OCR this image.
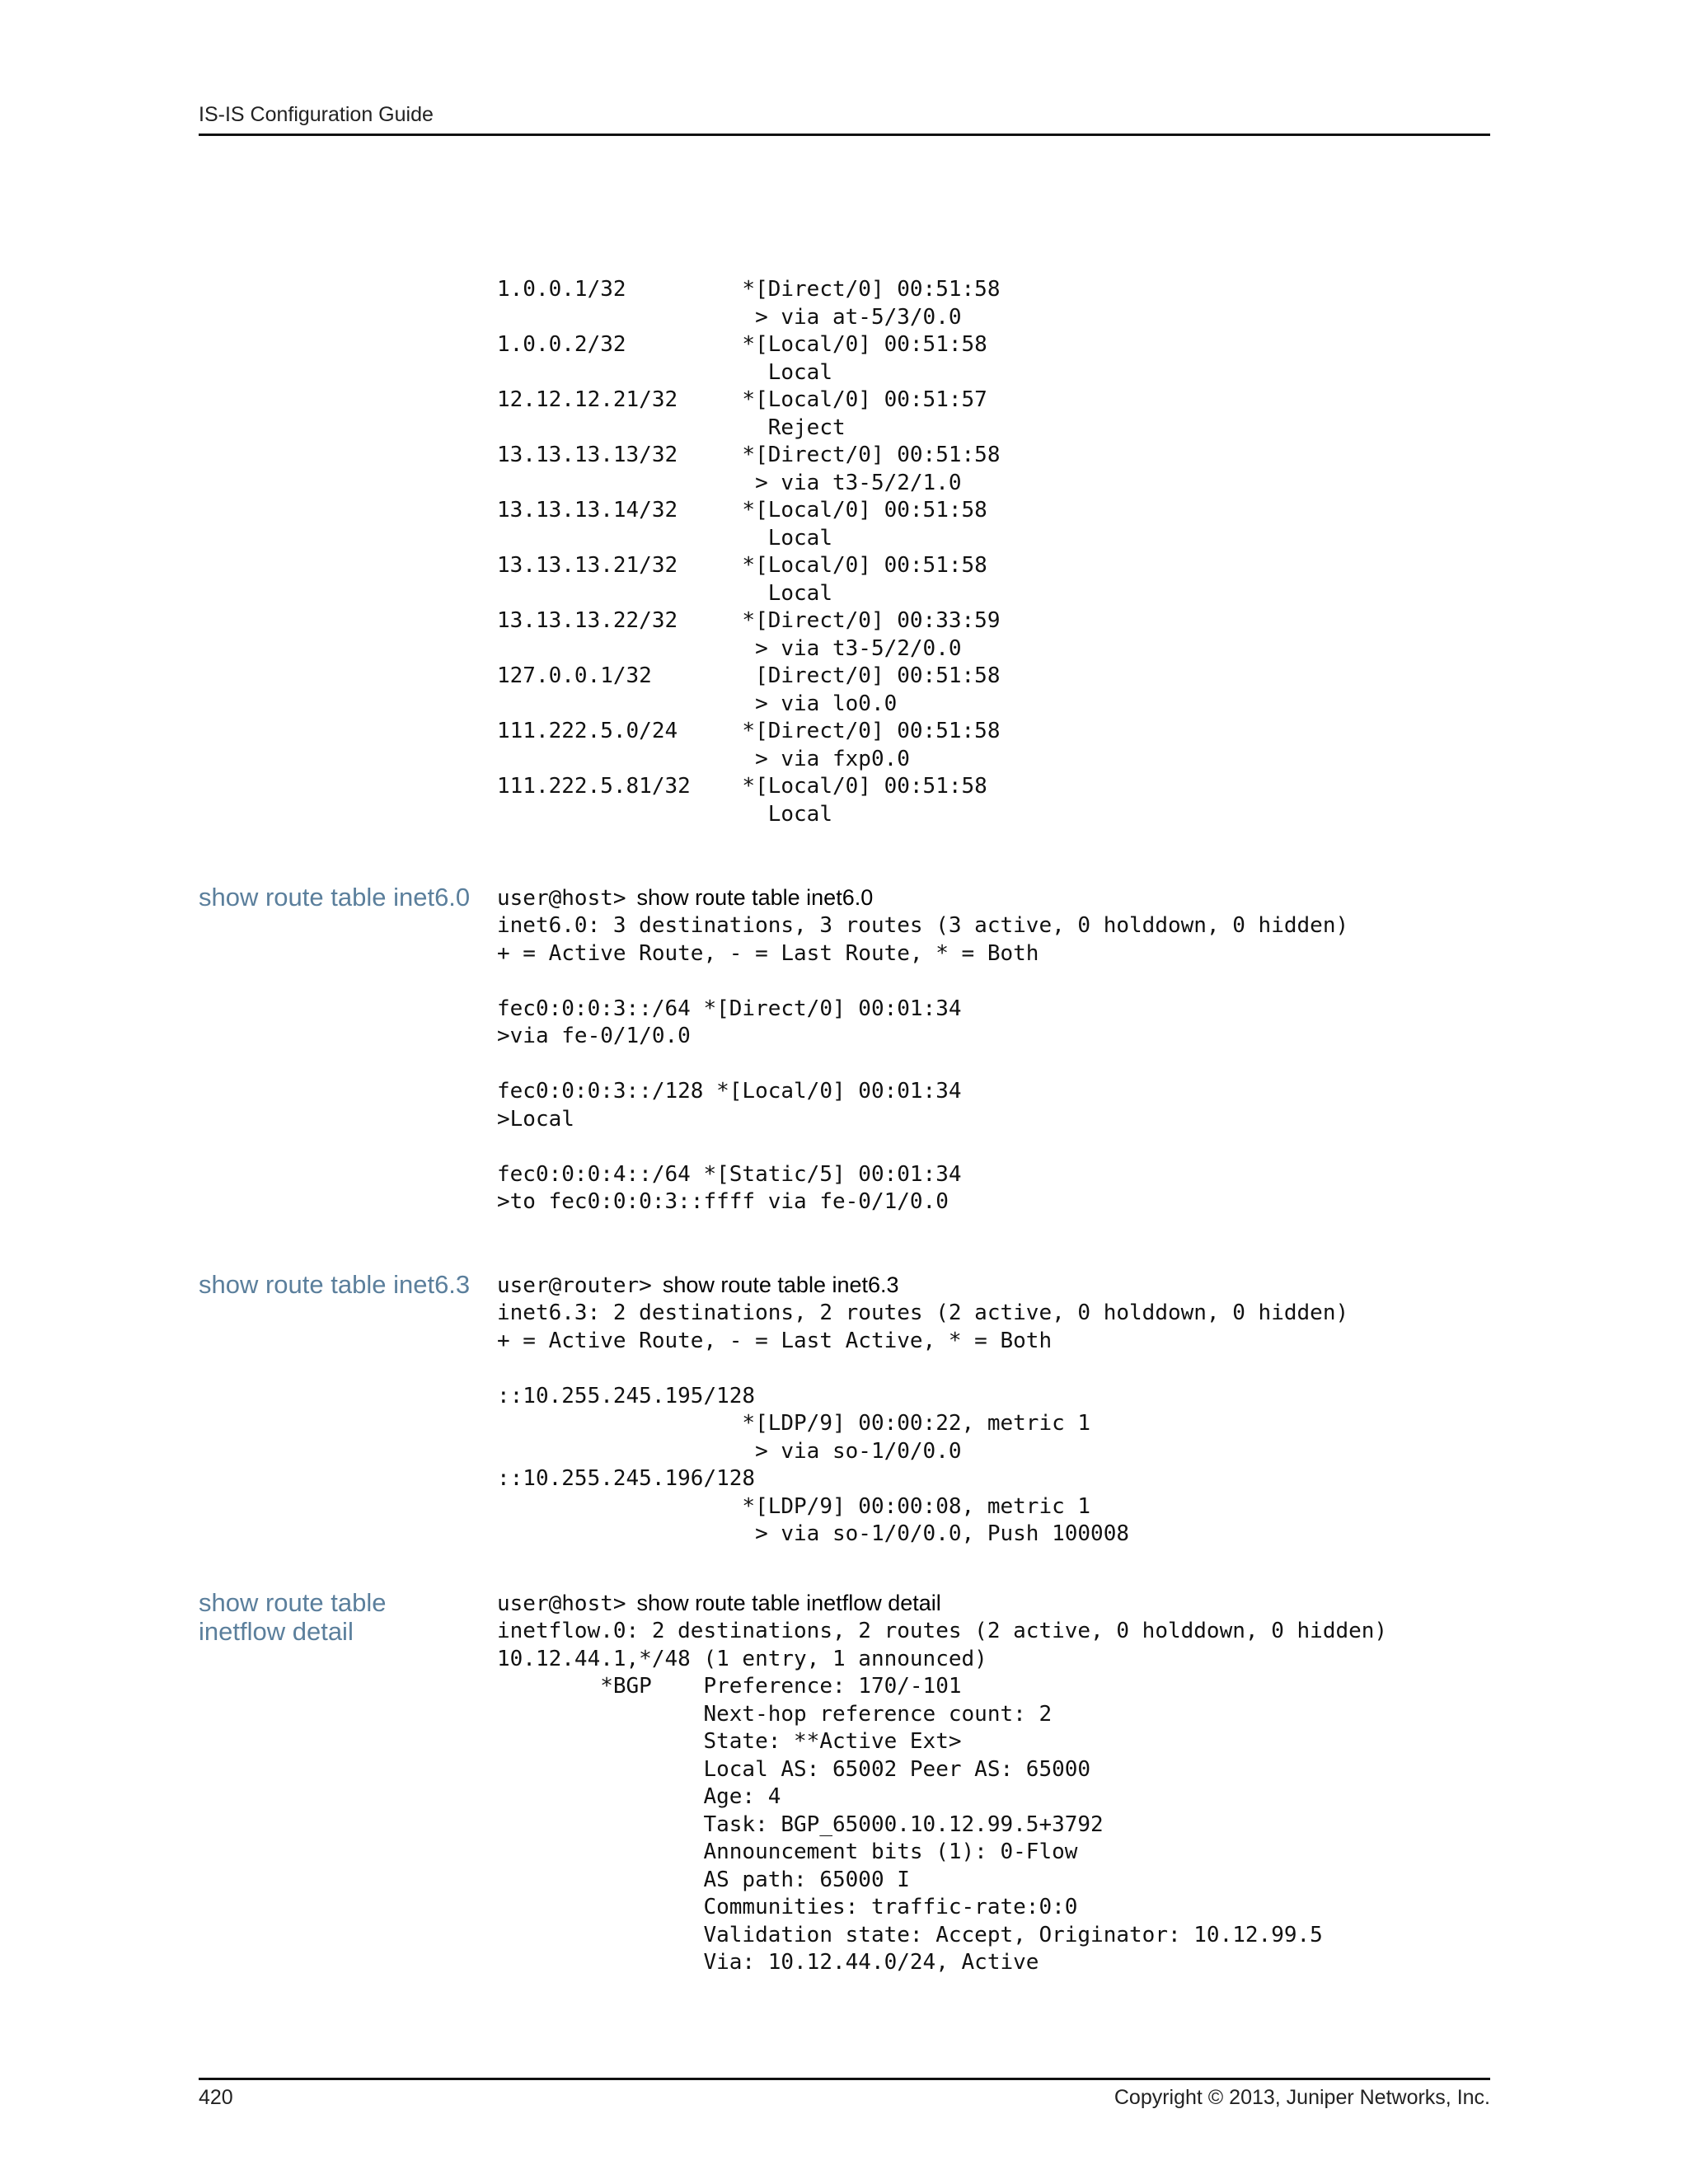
IS-IS Configuration Guide
1.0.0.1/32         *[Direct/0] 00:51:58
> via at-5/3/0.0
1.0.0.2/32         *[Local/0] 00:51:58
Local
12.12.12.21/32     *[Local/0] 00:51:57
Reject
13.13.13.13/32     *[Direct/0] 00:51:58
> via t3-5/2/1.0
13.13.13.14/32     *[Local/0] 00:51:58
Local
13.13.13.21/32     *[Local/0] 00:51:58
Local
13.13.13.22/32     *[Direct/0] 00:33:59
> via t3-5/2/0.0
127.0.0.1/32        [Direct/0] 00:51:58
> via lo0.0
111.222.5.0/24     *[Direct/0] 00:51:58
> via fxp0.0
111.222.5.81/32    *[Local/0] 00:51:58
Local
show route table inet6.0 user@host> show route table inet6.0
inet6.0: 3 destinations, 3 routes (3 active, 0 holddown, 0 hidden)
+ = Active Route, - = Last Route, * = Both

fec0:0:0:3::/64 *[Direct/0] 00:01:34
>via fe-0/1/0.0

fec0:0:0:3::/128 *[Local/0] 00:01:34
>Local

fec0:0:0:4::/64 *[Static/5] 00:01:34
>to fec0:0:0:3::ffff via fe-0/1/0.0
show route table inet6.3 user@router> show route table inet6.3
inet6.3: 2 destinations, 2 routes (2 active, 0 holddown, 0 hidden)
+ = Active Route, - = Last Active, * = Both

::10.255.245.195/128
*[LDP/9] 00:00:22, metric 1
> via so-1/0/0.0
::10.255.245.196/128
*[LDP/9] 00:00:08, metric 1
> via so-1/0/0.0, Push 100008
show route table inetflow detail
user@host> show route table inetflow detail
inetflow.0: 2 destinations, 2 routes (2 active, 0 holddown, 0 hidden)
10.12.44.1,*/48 (1 entry, 1 announced)
*BGP    Preference: 170/-101
Next-hop reference count: 2
State: **Active Ext>
Local AS: 65002 Peer AS: 65000
Age: 4
Task: BGP_65000.10.12.99.5+3792
Announcement bits (1): 0-Flow
AS path: 65000 I
Communities: traffic-rate:0:0
Validation state: Accept, Originator: 10.12.99.5
Via: 10.12.44.0/24, Active
420	Copyright © 2013, Juniper Networks, Inc.
